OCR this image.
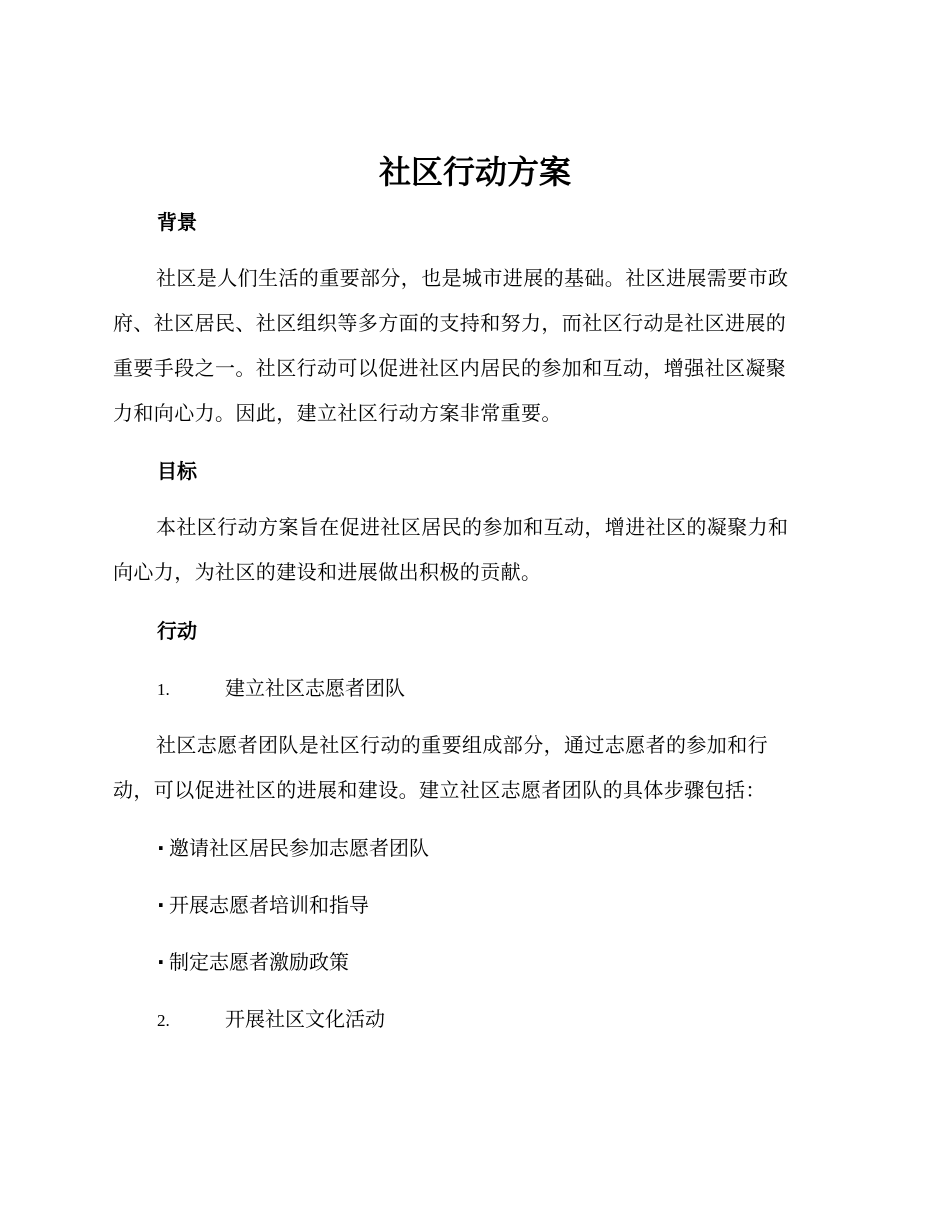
社区行动方案
背景

社区是人们生活的重要部分，也是城市进展的基础。社区进展需要市政
府、社区居民、社区组织等多方面的支持和努力，而社区行动是社区进展的
重要手段之一。社区行动可以促进社区内居民的参加和互动，增强社区凝聚
力和向心力。因此，建立社区行动方案非常重要。

目标

本社区行动方案旨在促进社区居民的参加和互动，增进社区的凝聚力和
向心力，为社区的建设和进展做出积极的贡献。

行动
1.	建立社区志愿者团队

社区志愿者团队是社区行动的重要组成部分，通过志愿者的参加和行
动，可以促进社区的进展和建设。建立社区志愿者团队的具体步骤包括：

· 邀请社区居民参加志愿者团队
· 开展志愿者培训和指导
· 制定志愿者激励政策
2.	开展社区文化活动
